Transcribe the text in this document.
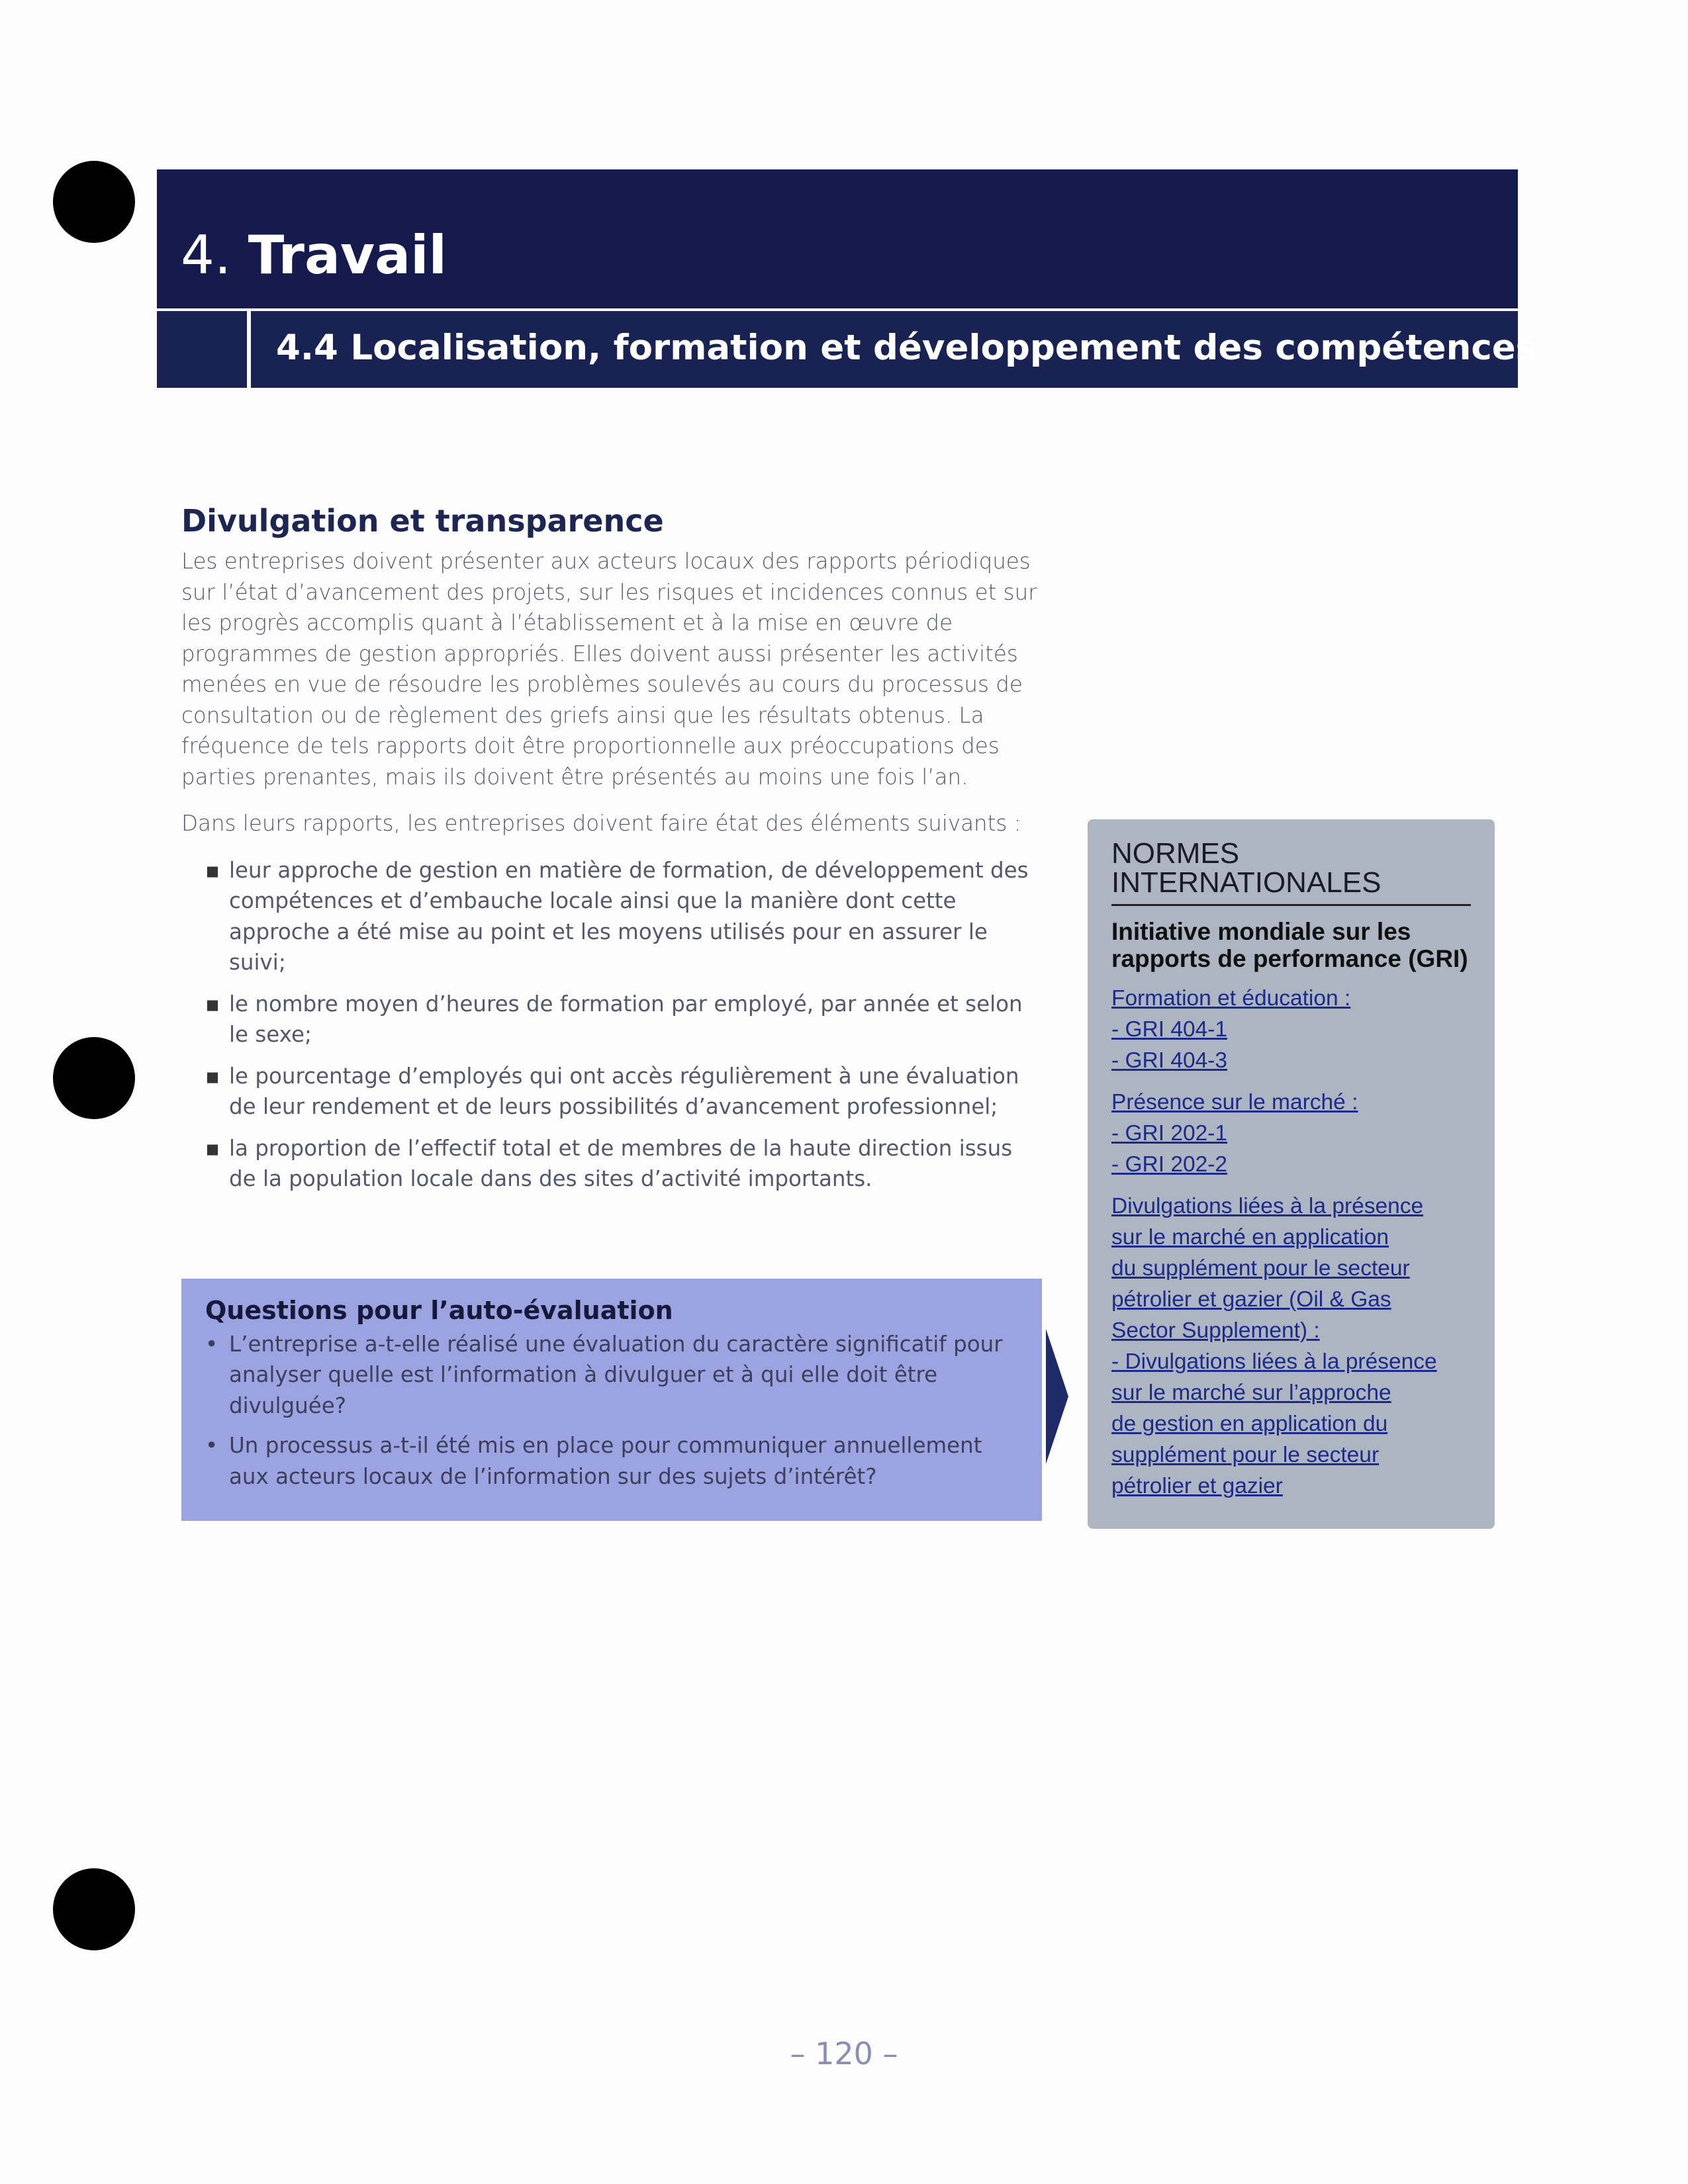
4. Travail
4.4 Localisation, formation et développement des compétences
Divulgation et transparence

Les entreprises doivent présenter aux acteurs locaux des rapports périodiques sur l’état d’avancement des projets, sur les risques et incidences connus et sur les progrès accomplis quant à l’établissement et à la mise en œuvre de programmes de gestion appropriés. Elles doivent aussi présenter les activités menées en vue de résoudre les problèmes soulevés au cours du processus de consultation ou de règlement des griefs ainsi que les résultats obtenus. La fréquence de tels rapports doit être proportionnelle aux préoccupations des parties prenantes, mais ils doivent être présentés au moins une fois l’an.

Dans leurs rapports, les entreprises doivent faire état des éléments suivants :

▪ leur approche de gestion en matière de formation, de développement des compétences et d’embauche locale ainsi que la manière dont cette approche a été mise au point et les moyens utilisés pour en assurer le suivi;
▪ le nombre moyen d’heures de formation par employé, par année et selon le sexe;
▪ le pourcentage d’employés qui ont accès régulièrement à une évaluation de leur rendement et de leurs possibilités d’avancement professionnel;
▪ la proportion de l’effectif total et de membres de la haute direction issus de la population locale dans des sites d’activité importants.
Questions pour l’auto-évaluation
• L’entreprise a-t-elle réalisé une évaluation du caractère significatif pour analyser quelle est l’information à divulguer et à qui elle doit être divulguée?
• Un processus a-t-il été mis en place pour communiquer annuellement aux acteurs locaux de l’information sur des sujets d’intérêt?
NORMES
INTERNATIONALES
Initiative mondiale sur les rapports de performance (GRI)
Formation et éducation :
- GRI 404-1
- GRI 404-3
Présence sur le marché :
- GRI 202-1
- GRI 202-2
Divulgations liées à la présence
sur le marché en application
du supplément pour le secteur
pétrolier et gazier (Oil & Gas
Sector Supplement) :
- Divulgations liées à la présence
sur le marché sur l’approche
de gestion en application du
supplément pour le secteur
pétrolier et gazier
– 120 –
